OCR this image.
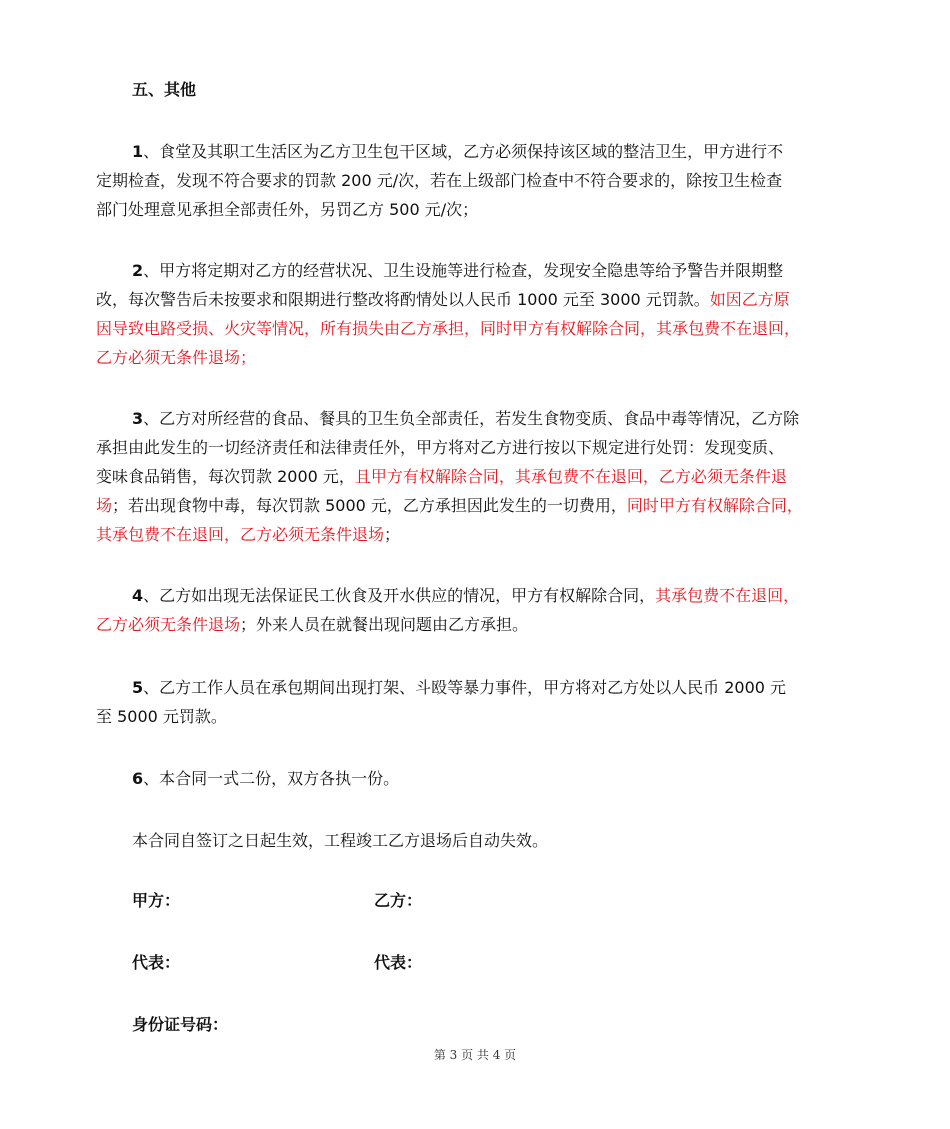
五、其他
1、食堂及其职工生活区为乙方卫生包干区域，乙方必须保持该区域的整洁卫生，甲方进行不
定期检查，发现不符合要求的罚款 200 元/次，若在上级部门检查中不符合要求的，除按卫生检查
部门处理意见承担全部责任外，另罚乙方 500 元/次；
2、甲方将定期对乙方的经营状况、卫生设施等进行检查，发现安全隐患等给予警告并限期整
改，每次警告后未按要求和限期进行整改将酌情处以人民币 1000 元至 3000 元罚款。如因乙方原
因导致电路受损、火灾等情况，所有损失由乙方承担，同时甲方有权解除合同，其承包费不在退回，
乙方必须无条件退场；
3、乙方对所经营的食品、餐具的卫生负全部责任，若发生食物变质、食品中毒等情况，乙方除
承担由此发生的一切经济责任和法律责任外，甲方将对乙方进行按以下规定进行处罚：发现变质、
变味食品销售，每次罚款 2000 元，且甲方有权解除合同，其承包费不在退回，乙方必须无条件退
场；若出现食物中毒，每次罚款 5000 元，乙方承担因此发生的一切费用，同时甲方有权解除合同，
其承包费不在退回，乙方必须无条件退场；
4、乙方如出现无法保证民工伙食及开水供应的情况，甲方有权解除合同，其承包费不在退回，
乙方必须无条件退场；外来人员在就餐出现问题由乙方承担。
5、乙方工作人员在承包期间出现打架、斗殴等暴力事件，甲方将对乙方处以人民币 2000 元
至 5000 元罚款。
6、本合同一式二份，双方各执一份。
本合同自签订之日起生效，工程竣工乙方退场后自动失效。
甲方：	乙方：
代表：	代表：
身份证号码：
第 3 页 共 4 页
